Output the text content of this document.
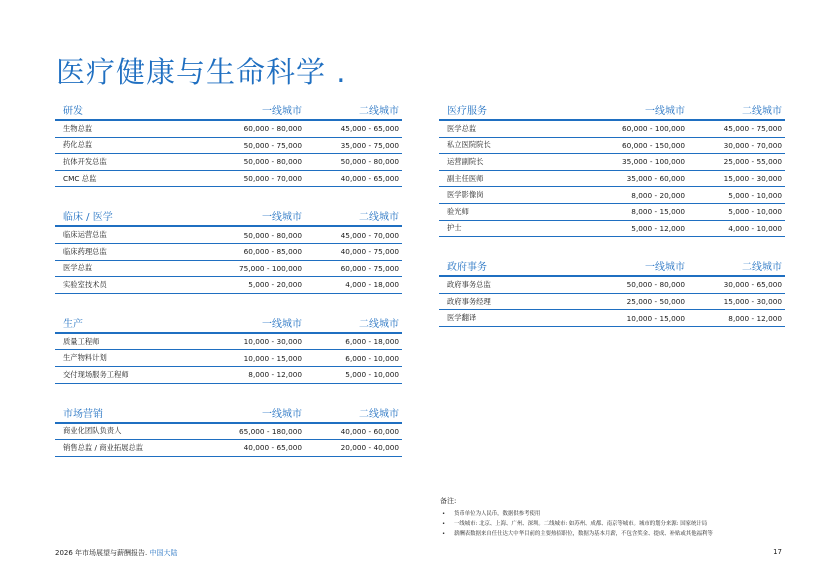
医疗健康与生命科学 .
研发	一线城市	二线城市
生物总监	60,000 - 80,000	45,000 - 65,000
药化总监	50,000 - 75,000	35,000 - 75,000
抗体开发总监	50,000 - 80,000	50,000 - 80,000
CMC 总监	50,000 - 70,000	40,000 - 65,000
临床 / 医学	一线城市	二线城市
临床运营总监	50,000 - 80,000	45,000 - 70,000
临床药理总监	60,000 - 85,000	40,000 - 75,000
医学总监	75,000 - 100,000	60,000 - 75,000
实验室技术员	5,000 - 20,000	4,000 - 18,000
生产	一线城市	二线城市
质量工程师	10,000 - 30,000	6,000 - 18,000
生产物料计划	10,000 - 15,000	6,000 - 10,000
交付现场服务工程师	8,000 - 12,000	5,000 - 10,000
市场营销	一线城市	二线城市
商业化团队负责人	65,000 - 180,000	40,000 - 60,000
销售总监 / 商业拓展总监	40,000 - 65,000	20,000 - 40,000
医疗服务	一线城市	二线城市
医学总监	60,000 - 100,000	45,000 - 75,000
私立医院院长	60,000 - 150,000	30,000 - 70,000
运营副院长	35,000 - 100,000	25,000 - 55,000
副主任医师	35,000 - 60,000	15,000 - 30,000
医学影像岗	8,000 - 20,000	5,000 - 10,000
验光师	8,000 - 15,000	5,000 - 10,000
护士	5,000 - 12,000	4,000 - 10,000
政府事务	一线城市	二线城市
政府事务总监	50,000 - 80,000	30,000 - 65,000
政府事务经理	25,000 - 50,000	15,000 - 30,000
医学翻译	10,000 - 15,000	8,000 - 12,000
备注:
•	货币单位为人民币，数据供参考使用
•	一线城市: 北京、上海、广州、深圳。二线城市: 如苏州、成都、南京等城市。城市的划分来源: 国家统计局
•	薪酬表数据来自任仕达大中华目前的主要热招职位，数据为基本月薪，不包含奖金、提成、补贴或其他福利等
2026 年市场展望与薪酬报告. 中国大陆	17
